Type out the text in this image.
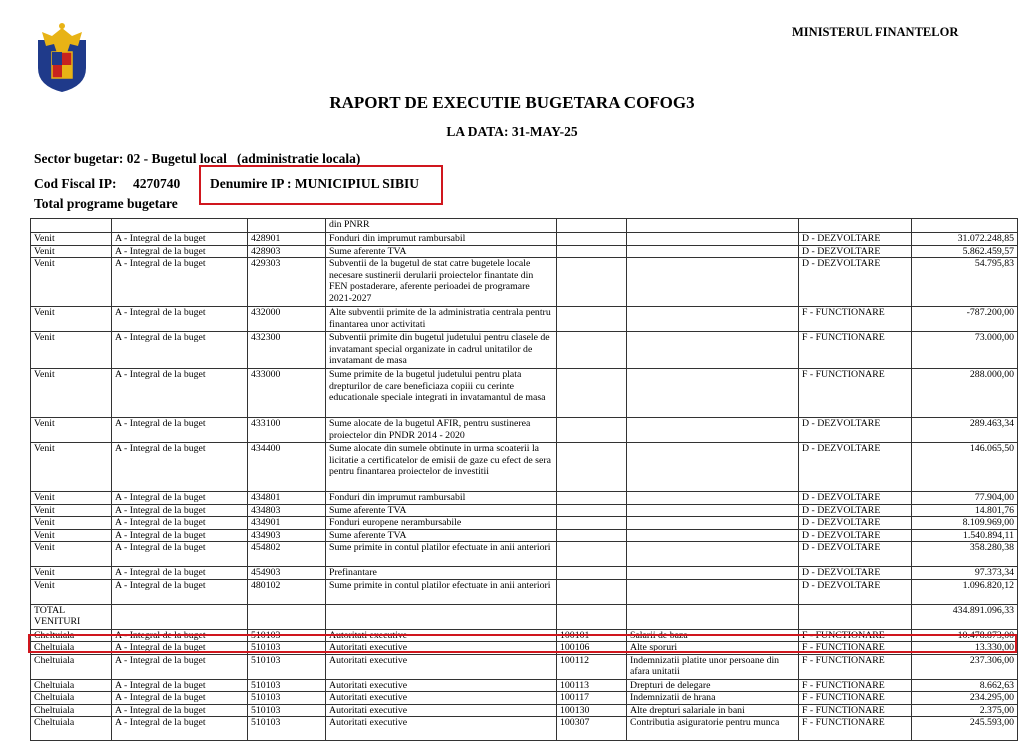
MINISTERUL FINANTELOR
RAPORT DE EXECUTIE BUGETARA COFOG3
LA DATA: 31-MAY-25
Sector bugetar: 02 - Bugetul local   (administratie locala)
Cod Fiscal IP: 4270740 Denumire IP : MUNICIPIUL SIBIU
Total programe bugetare
			din PNRR				
Venit	A - Integral de la buget	428901	Fonduri din imprumut rambursabil			D - DEZVOLTARE	31.072.248,85
Venit	A - Integral de la buget	428903	Sume aferente TVA			D - DEZVOLTARE	5.862.459,57
Venit	A - Integral de la buget	429303	Subventii de la bugetul de stat catre bugetele locale necesare sustinerii derularii proiectelor finantate din FEN postaderare, aferente perioadei de programare 2021-2027			D - DEZVOLTARE	54.795,83
Venit	A - Integral de la buget	432000	Alte subventii primite de la administratia centrala pentru finantarea unor activitati			F - FUNCTIONARE	-787.200,00
Venit	A - Integral de la buget	432300	Subventii primite din bugetul judetului pentru clasele de invatamant special organizate in cadrul unitatilor de invatamant de masa			F - FUNCTIONARE	73.000,00
Venit	A - Integral de la buget	433000	Sume primite de la bugetul judetului pentru plata drepturilor de care beneficiaza copiii cu cerinte educationale speciale integrati in invatamantul de masa			F - FUNCTIONARE	288.000,00
Venit	A - Integral de la buget	433100	Sume alocate de la bugetul AFIR, pentru sustinerea proiectelor din PNDR 2014 - 2020			D - DEZVOLTARE	289.463,34
Venit	A - Integral de la buget	434400	Sume alocate din sumele obtinute in urma scoaterii la licitatie a certificatelor de emisii de gaze cu efect de sera pentru finantarea proiectelor de investitii			D - DEZVOLTARE	146.065,50
Venit	A - Integral de la buget	434801	Fonduri din imprumut rambursabil			D - DEZVOLTARE	77.904,00
Venit	A - Integral de la buget	434803	Sume aferente TVA			D - DEZVOLTARE	14.801,76
Venit	A - Integral de la buget	434901	Fonduri europene nerambursabile			D - DEZVOLTARE	8.109.969,00
Venit	A - Integral de la buget	434903	Sume aferente TVA			D - DEZVOLTARE	1.540.894,11
Venit	A - Integral de la buget	454802	Sume primite in contul platilor efectuate in anii anteriori			D - DEZVOLTARE	358.280,38
Venit	A - Integral de la buget	454903	Prefinantare			D - DEZVOLTARE	97.373,34
Venit	A - Integral de la buget	480102	Sume primite in contul platilor efectuate in anii anteriori			D - DEZVOLTARE	1.096.820,12
TOTAL VENITURI							434.891.096,33
Cheltuiala	A - Integral de la buget	510103	Autoritati executive	100101	Salarii de baza	F - FUNCTIONARE	10.478.873,00
Cheltuiala	A - Integral de la buget	510103	Autoritati executive	100106	Alte sporuri	F - FUNCTIONARE	13.330,00
Cheltuiala	A - Integral de la buget	510103	Autoritati executive	100112	Indemnizatii platite unor persoane din afara unitatii	F - FUNCTIONARE	237.306,00
Cheltuiala	A - Integral de la buget	510103	Autoritati executive	100113	Drepturi de delegare	F - FUNCTIONARE	8.662,63
Cheltuiala	A - Integral de la buget	510103	Autoritati executive	100117	Indemnizatii de hrana	F - FUNCTIONARE	234.295,00
Cheltuiala	A - Integral de la buget	510103	Autoritati executive	100130	Alte drepturi salariale in bani	F - FUNCTIONARE	2.375,00
Cheltuiala	A - Integral de la buget	510103	Autoritati executive	100307	Contributia asiguratorie pentru munca	F - FUNCTIONARE	245.593,00
